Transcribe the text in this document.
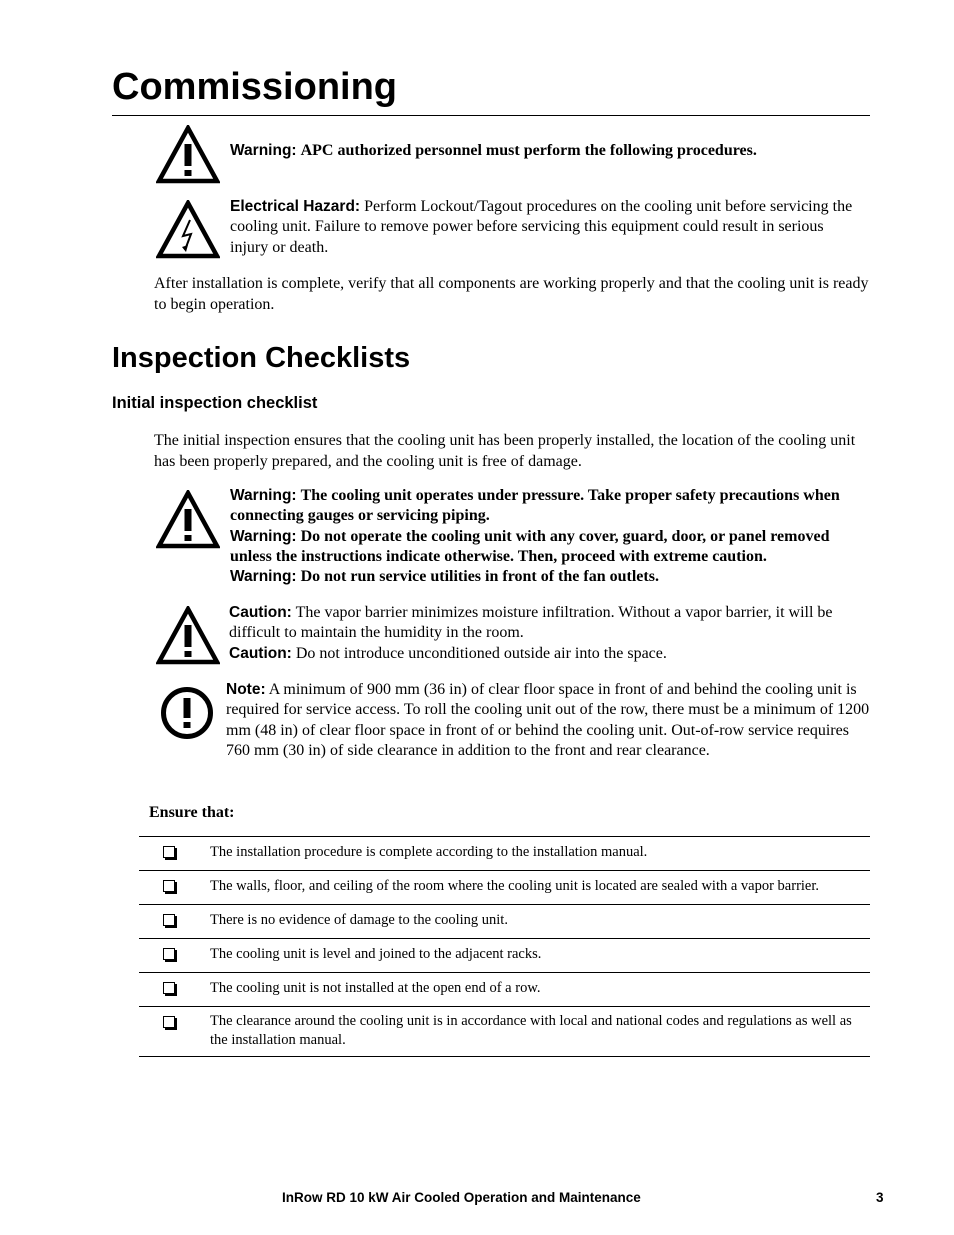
Commissioning
Warning: APC authorized personnel must perform the following procedures.
Electrical Hazard: Perform Lockout/Tagout procedures on the cooling unit before servicing the cooling unit. Failure to remove power before servicing this equipment could result in serious injury or death.
After installation is complete, verify that all components are working properly and that the cooling unit is ready to begin operation.
Inspection Checklists
Initial inspection checklist
The initial inspection ensures that the cooling unit has been properly installed, the location of the cooling unit has been properly prepared, and the cooling unit is free of damage.
Warning: The cooling unit operates under pressure. Take proper safety precautions when connecting gauges or servicing piping.
Warning: Do not operate the cooling unit with any cover, guard, door, or panel removed unless the instructions indicate otherwise. Then, proceed with extreme caution.
Warning: Do not run service utilities in front of the fan outlets.
Caution: The vapor barrier minimizes moisture infiltration. Without a vapor barrier, it will be difficult to maintain the humidity in the room.
Caution: Do not introduce unconditioned outside air into the space.
Note: A minimum of 900 mm (36 in) of clear floor space in front of and behind the cooling unit is required for service access. To roll the cooling unit out of the row, there must be a minimum of 1200 mm (48 in) of clear floor space in front of or behind the cooling unit. Out-of-row service requires 760 mm (30 in) of side clearance in addition to the front and rear clearance.
Ensure that:
The installation procedure is complete according to the installation manual.
The walls, floor, and ceiling of the room where the cooling unit is located are sealed with a vapor barrier.
There is no evidence of damage to the cooling unit.
The cooling unit is level and joined to the adjacent racks.
The cooling unit is not installed at the open end of a row.
The clearance around the cooling unit is in accordance with local and national codes and regulations as well as the installation manual.
InRow RD 10 kW Air Cooled Operation and Maintenance	3
